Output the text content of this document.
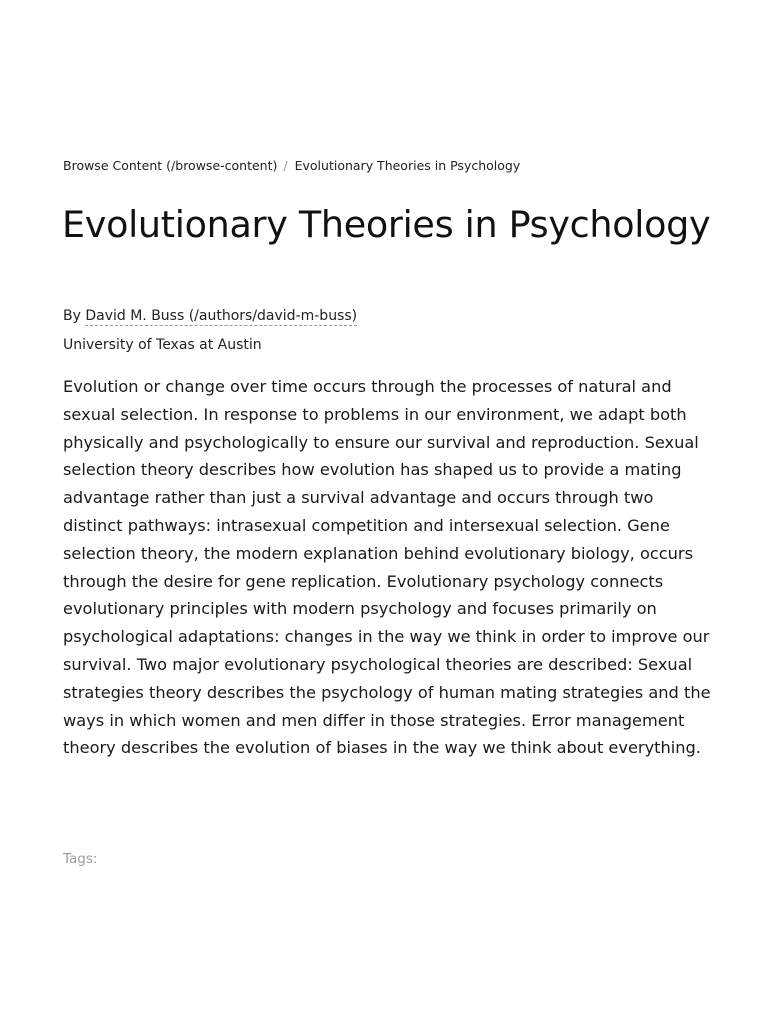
Browse Content (/browse-content) / Evolutionary Theories in Psychology
Evolutionary Theories in Psychology
By David M. Buss (/authors/david-m-buss)
University of Texas at Austin

Evolution or change over time occurs through the processes of natural and sexual selection. In response to problems in our environment, we adapt both physically and psychologically to ensure our survival and reproduction. Sexual selection theory describes how evolution has shaped us to provide a mating advantage rather than just a survival advantage and occurs through two distinct pathways: intrasexual competition and intersexual selection. Gene selection theory, the modern explanation behind evolutionary biology, occurs through the desire for gene replication. Evolutionary psychology connects evolutionary principles with modern psychology and focuses primarily on psychological adaptations: changes in the way we think in order to improve our survival. Two major evolutionary psychological theories are described: Sexual strategies theory describes the psychology of human mating strategies and the ways in which women and men differ in those strategies. Error management theory describes the evolution of biases in the way we think about everything.

Tags:
